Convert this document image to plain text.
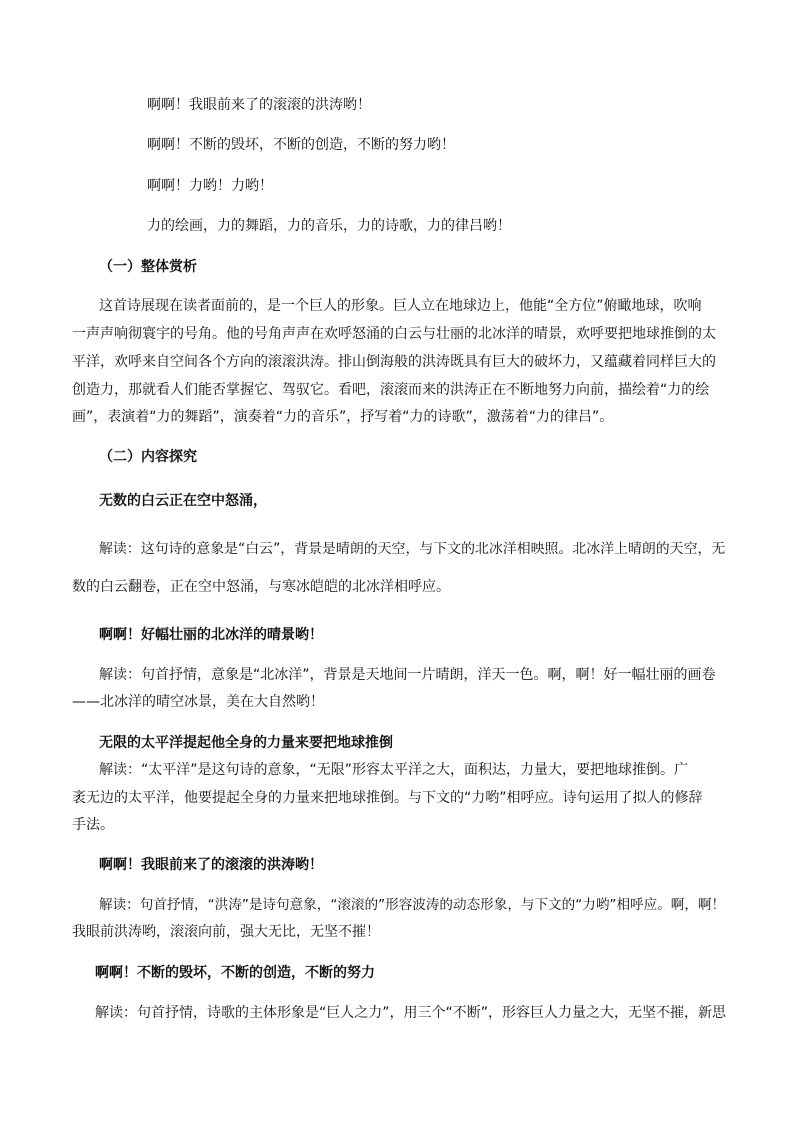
啊啊！我眼前来了的滚滚的洪涛哟！
啊啊！不断的毁坏，不断的创造，不断的努力哟！
啊啊！力哟！力哟！
力的绘画，力的舞蹈，力的音乐，力的诗歌，力的律吕哟！
（一）整体赏析
这首诗展现在读者面前的，是一个巨人的形象。巨人立在地球边上，他能“全方位”俯瞰地球，吹响
一声声响彻寰宇的号角。他的号角声声在欢呼怒涌的白云与壮丽的北冰洋的晴景，欢呼要把地球推倒的太
平洋，欢呼来自空间各个方向的滚滚洪涛。排山倒海般的洪涛既具有巨大的破坏力，又蕴藏着同样巨大的
创造力，那就看人们能否掌握它、驾驭它。看吧，滚滚而来的洪涛正在不断地努力向前，描绘着“力的绘
画”，表演着“力的舞蹈”，演奏着“力的音乐”，抒写着“力的诗歌”，激荡着“力的律吕”。
（二）内容探究
无数的白云正在空中怒涌，
解读：这句诗的意象是“白云”，背景是晴朗的天空，与下文的北冰洋相映照。北冰洋上晴朗的天空，无
数的白云翻卷，正在空中怒涌，与寒冰皑皑的北冰洋相呼应。
啊啊！好幅壮丽的北冰洋的晴景哟！
解读：句首抒情，意象是“北冰洋”，背景是天地间一片晴朗，洋天一色。啊，啊！好一幅壮丽的画卷
——北冰洋的晴空冰景，美在大自然哟！
无限的太平洋提起他全身的力量来要把地球推倒
解读：“太平洋”是这句诗的意象，“无限”形容太平洋之大，面积达，力量大，要把地球推倒。广
袤无边的太平洋，他要提起全身的力量来把地球推倒。与下文的“力哟”相呼应。诗句运用了拟人的修辞
手法。
啊啊！我眼前来了的滚滚的洪涛哟！
解读：句首抒情，“洪涛”是诗句意象，“滚滚的”形容波涛的动态形象，与下文的“力哟”相呼应。啊，啊！
我眼前洪涛哟，滚滚向前，强大无比，无坚不摧！
啊啊！不断的毁坏，不断的创造，不断的努力
解读：句首抒情，诗歌的主体形象是“巨人之力”，用三个“不断”，形容巨人力量之大，无坚不摧，新思
